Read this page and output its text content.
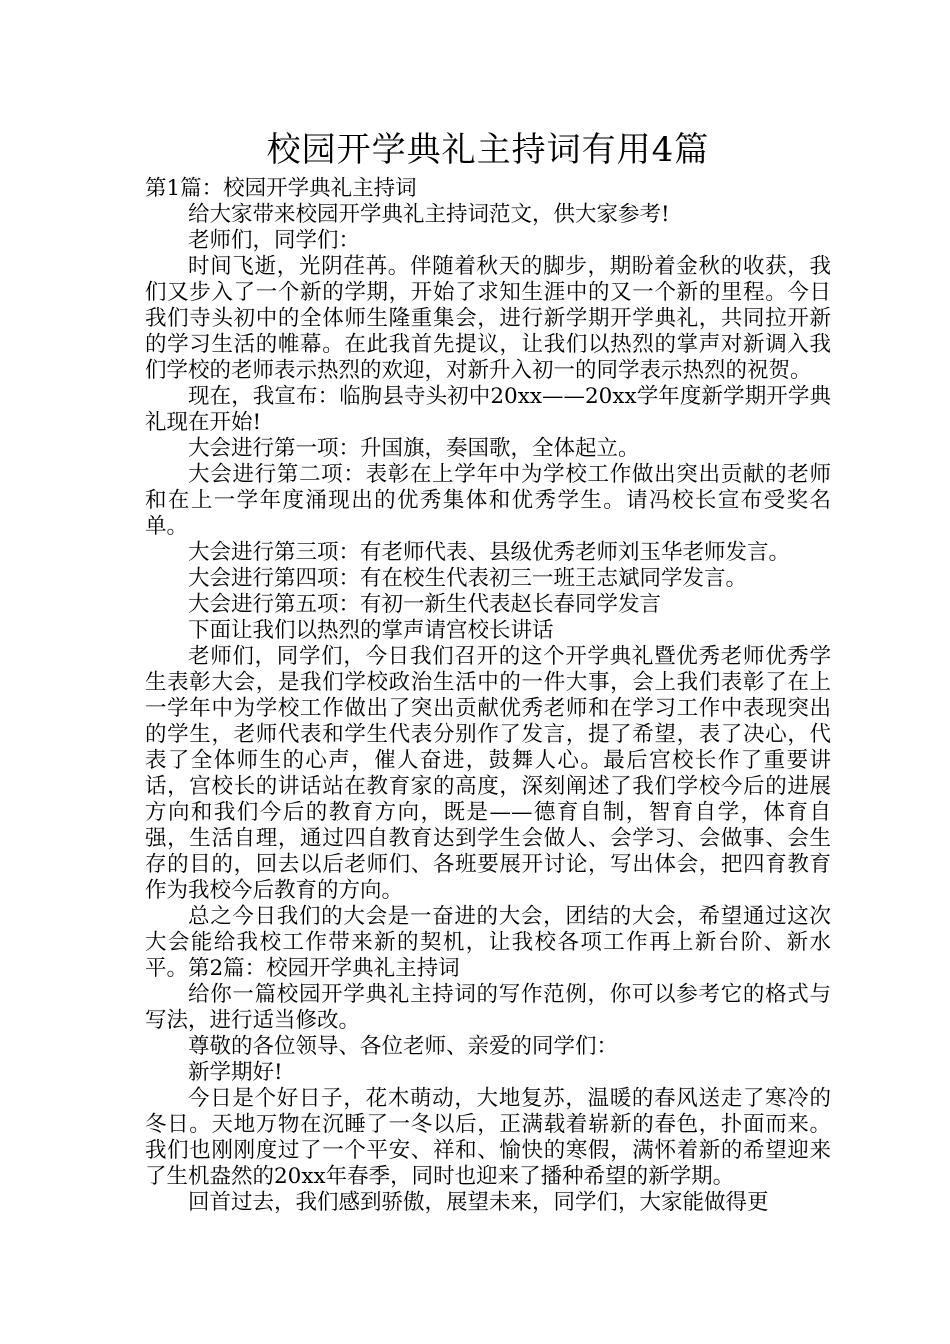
校园开学典礼主持词有用4篇

第1篇：校园开学典礼主持词

给大家带来校园开学典礼主持词范文，供大家参考!

老师们，同学们：

时间飞逝，光阴荏苒。伴随着秋天的脚步，期盼着金秋的收获，我们又步入了一个新的学期，开始了求知生涯中的又一个新的里程。今日我们寺头初中的全体师生隆重集会，进行新学期开学典礼，共同拉开新的学习生活的帷幕。在此我首先提议，让我们以热烈的掌声对新调入我们学校的老师表示热烈的欢迎，对新升入初一的同学表示热烈的祝贺。

现在，我宣布：临朐县寺头初中20xx——20xx学年度新学期开学典礼现在开始!

大会进行第一项：升国旗，奏国歌，全体起立。

大会进行第二项：表彰在上学年中为学校工作做出突出贡献的老师和在上一学年度涌现出的优秀集体和优秀学生。请冯校长宣布受奖名单。

大会进行第三项：有老师代表、县级优秀老师刘玉华老师发言。

大会进行第四项：有在校生代表初三一班王志斌同学发言。

大会进行第五项：有初一新生代表赵长春同学发言

下面让我们以热烈的掌声请宫校长讲话

老师们，同学们，今日我们召开的这个开学典礼暨优秀老师优秀学生表彰大会，是我们学校政治生活中的一件大事，会上我们表彰了在上一学年中为学校工作做出了突出贡献优秀老师和在学习工作中表现突出的学生，老师代表和学生代表分别作了发言，提了希望，表了决心，代表了全体师生的心声，催人奋进，鼓舞人心。最后宫校长作了重要讲话，宫校长的讲话站在教育家的高度，深刻阐述了我们学校今后的进展方向和我们今后的教育方向，既是——德育自制，智育自学，体育自强，生活自理，通过四自教育达到学生会做人、会学习、会做事、会生存的目的，回去以后老师们、各班要展开讨论，写出体会，把四育教育作为我校今后教育的方向。

总之今日我们的大会是一奋进的大会，团结的大会，希望通过这次大会能给我校工作带来新的契机，让我校各项工作再上新台阶、新水平。第2篇：校园开学典礼主持词

给你一篇校园开学典礼主持词的写作范例，你可以参考它的格式与写法，进行适当修改。

尊敬的各位领导、各位老师、亲爱的同学们：

新学期好!

今日是个好日子，花木萌动，大地复苏，温暖的春风送走了寒冷的冬日。天地万物在沉睡了一冬以后，正满载着崭新的春色，扑面而来。我们也刚刚度过了一个平安、祥和、愉快的寒假，满怀着新的希望迎来了生机盎然的20xx年春季，同时也迎来了播种希望的新学期。

回首过去，我们感到骄傲，展望未来，同学们，大家能做得更
